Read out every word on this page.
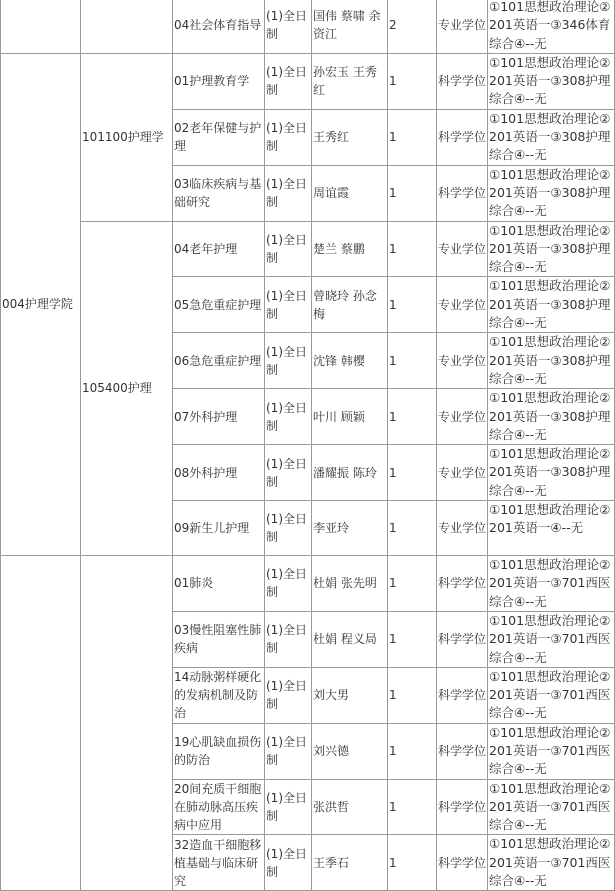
		04社会体育指导	(1)全日制	国伟 蔡啸 余资江	2	专业学位	①101思想政治理论②201英语一③346体育综合④--无
004护理学院	101100护理学	01护理教育学	(1)全日制	孙宏玉 王秀红	1	科学学位	①101思想政治理论②201英语一③308护理综合④--无
		02老年保健与护理	(1)全日制	王秀红	1	科学学位	①101思想政治理论②201英语一③308护理综合④--无
		03临床疾病与基础研究	(1)全日制	周谊霞	1	科学学位	①101思想政治理论②201英语一③308护理综合④--无
	105400护理	04老年护理	(1)全日制	楚兰 蔡鹏	1	专业学位	①101思想政治理论②201英语一③308护理综合④--无
		05急危重症护理	(1)全日制	曾晓玲 孙念梅	1	专业学位	①101思想政治理论②201英语一③308护理综合④--无
		06急危重症护理	(1)全日制	沈锋 韩樱	1	专业学位	①101思想政治理论②201英语一③308护理综合④--无
		07外科护理	(1)全日制	叶川 顾颖	1	专业学位	①101思想政治理论②201英语一③308护理综合④--无
		08外科护理	(1)全日制	潘耀振 陈玲	1	专业学位	①101思想政治理论②201英语一③308护理综合④--无
		09新生儿护理	(1)全日制	李亚玲	1	专业学位	①101思想政治理论②201英语一④--无
		01肺炎	(1)全日制	杜娟 张先明	1	科学学位	①101思想政治理论②201英语一③701西医综合④--无
		03慢性阻塞性肺疾病	(1)全日制	杜娟 程义局	1	科学学位	①101思想政治理论②201英语一③701西医综合④--无
		14动脉粥样硬化的发病机制及防治	(1)全日制	刘大男	1	科学学位	①101思想政治理论②201英语一③701西医综合④--无
		19心肌缺血损伤的防治	(1)全日制	刘兴德	1	科学学位	①101思想政治理论②201英语一③701西医综合④--无
		20间充质干细胞在肺动脉高压疾病中应用	(1)全日制	张洪哲	1	科学学位	①101思想政治理论②201英语一③701西医综合④--无
		32造血干细胞移植基础与临床研究	(1)全日制	王季石	1	科学学位	①101思想政治理论②201英语一③701西医综合④--无
